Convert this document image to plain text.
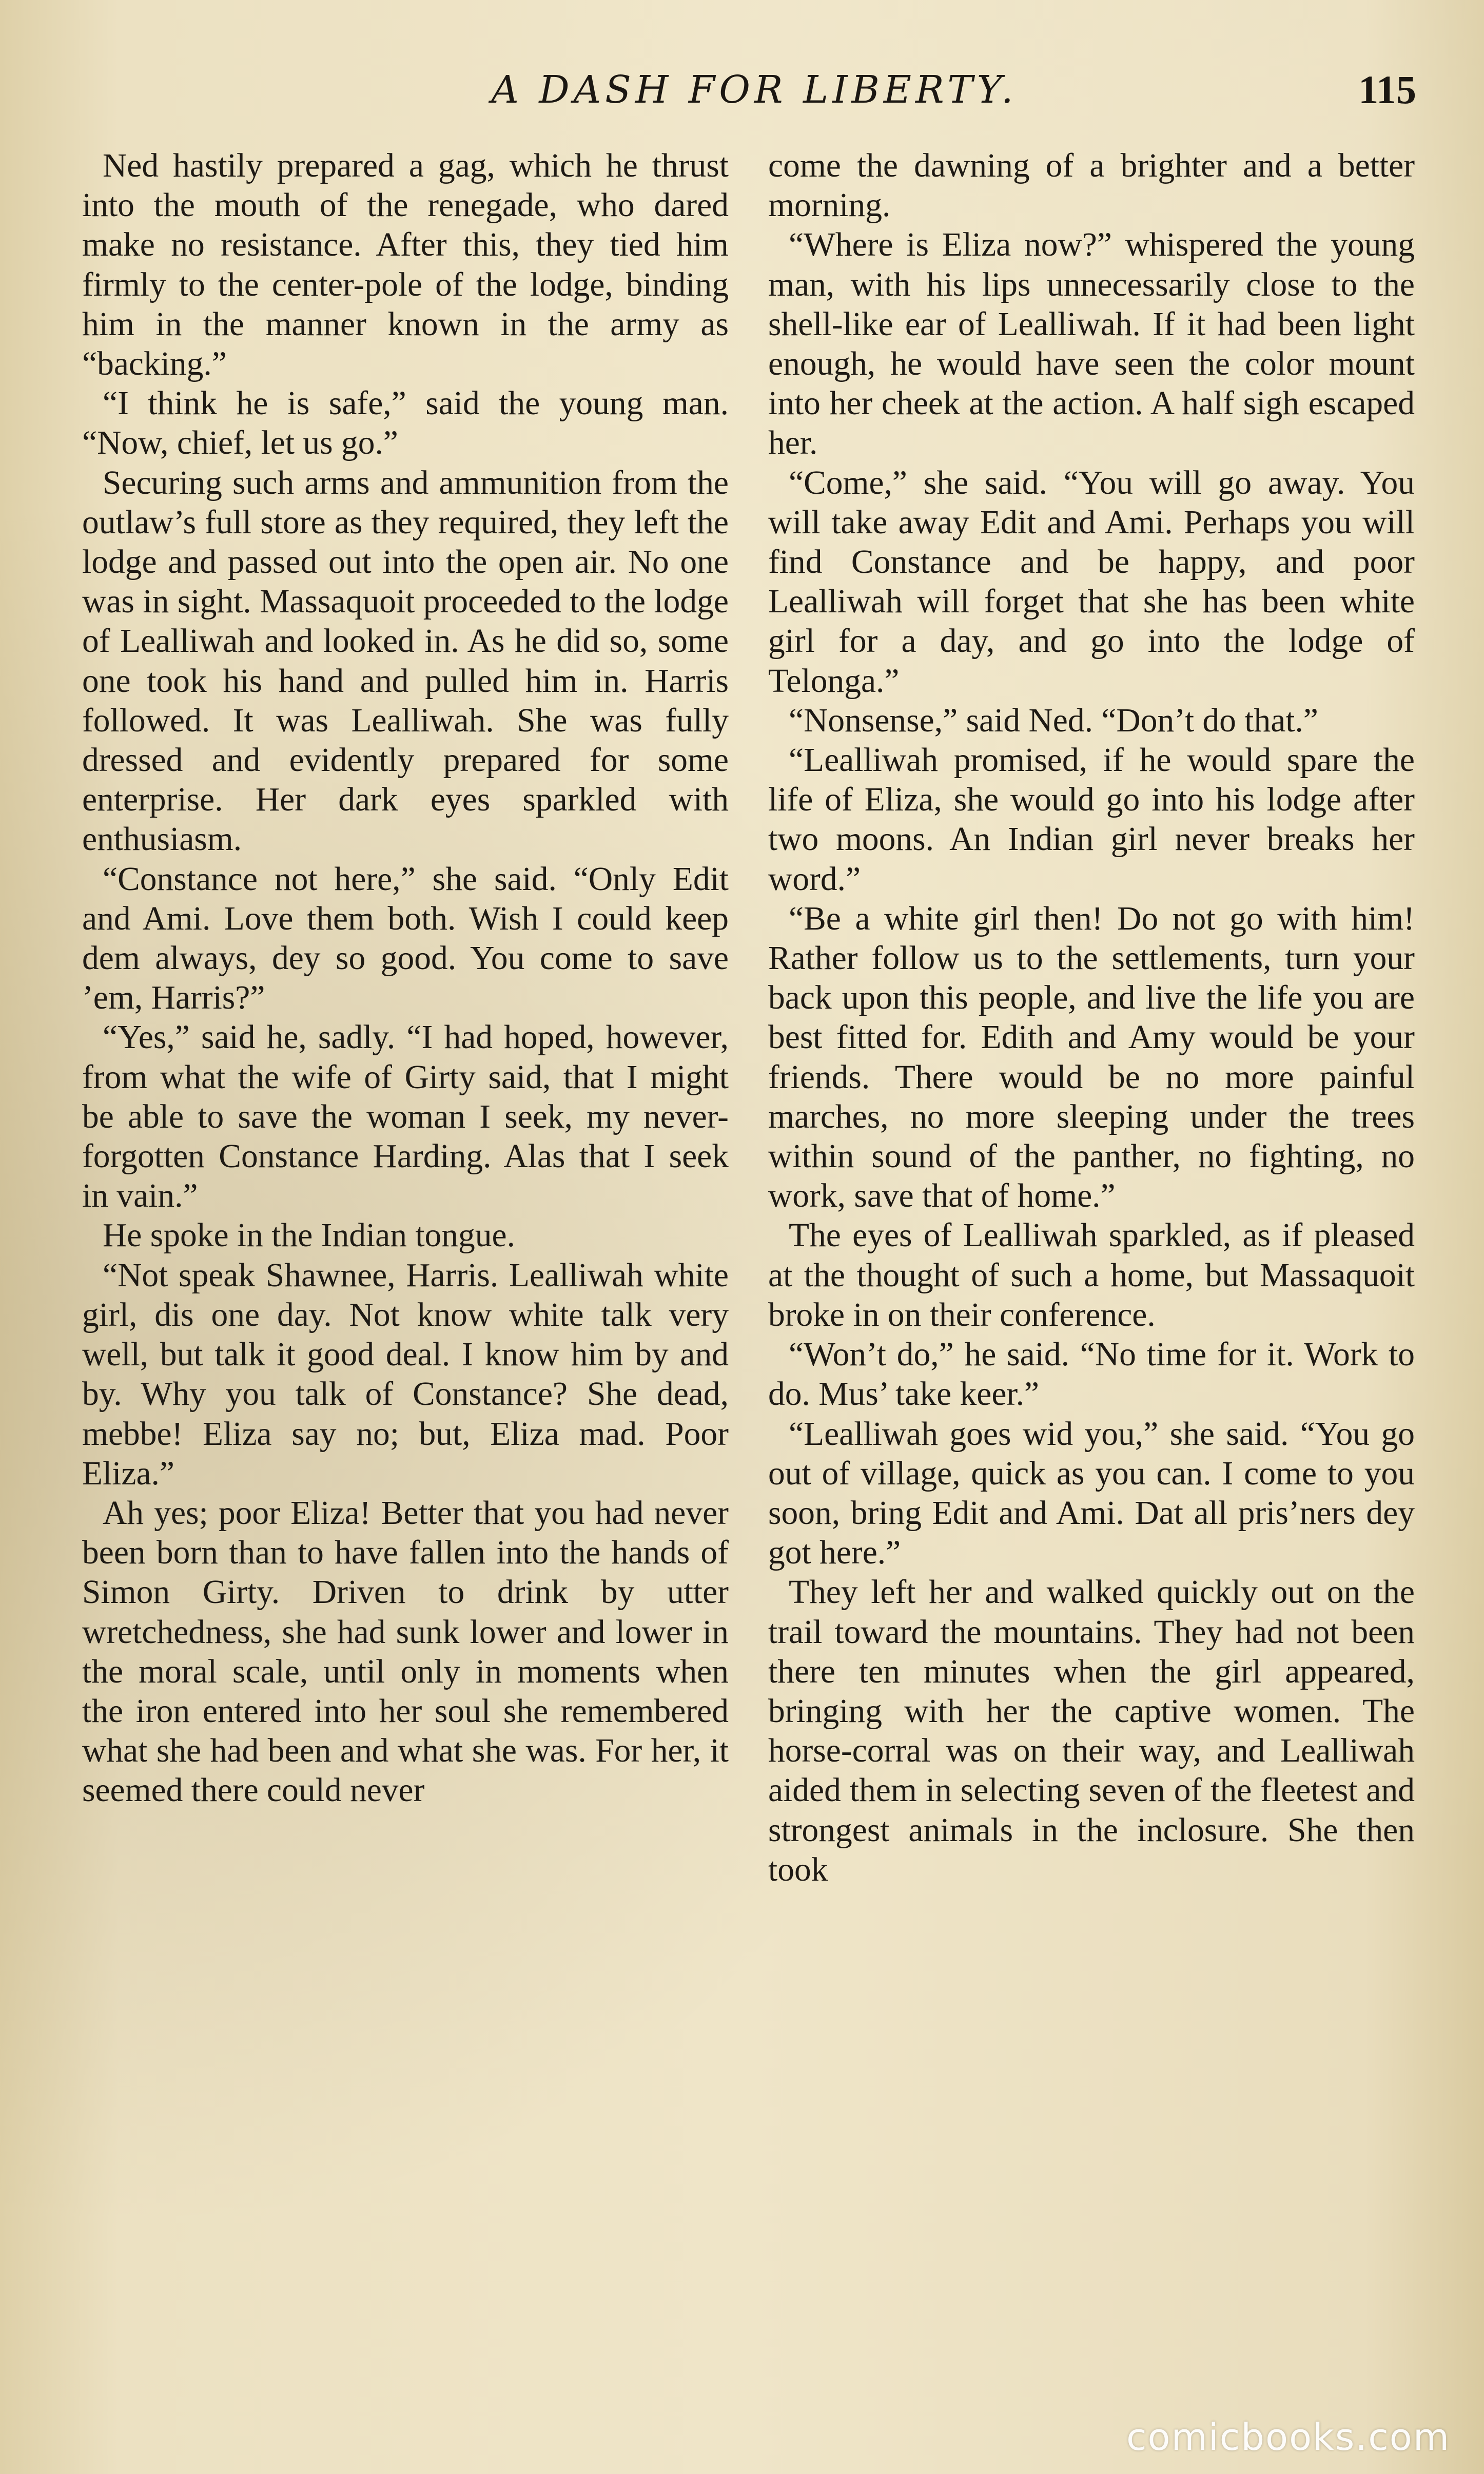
A DASH FOR LIBERTY.	115

Ned hastily prepared a gag, which he thrust into the mouth of the renegade, who dared make no resistance. After this, they tied him firmly to the center-pole of the lodge, binding him in the manner known in the army as “backing.”

“I think he is safe,” said the young man. “Now, chief, let us go.”

Securing such arms and ammunition from the outlaw’s full store as they required, they left the lodge and passed out into the open air. No one was in sight. Massaquoit proceeded to the lodge of Lealliwah and looked in. As he did so, some one took his hand and pulled him in. Harris followed. It was Lealliwah. She was fully dressed and evidently prepared for some enterprise. Her dark eyes sparkled with enthusiasm.

“Constance not here,” she said. “Only Edit and Ami. Love them both. Wish I could keep dem always, dey so good. You come to save ’em, Harris?”

“Yes,” said he, sadly. “I had hoped, however, from what the wife of Girty said, that I might be able to save the woman I seek, my never-forgotten Constance Harding. Alas that I seek in vain.”

He spoke in the Indian tongue.

“Not speak Shawnee, Harris. Lealliwah white girl, dis one day. Not know white talk very well, but talk it good deal. I know him by and by. Why you talk of Constance? She dead, mebbe! Eliza say no; but, Eliza mad. Poor Eliza.”

Ah yes; poor Eliza! Better that you had never been born than to have fallen into the hands of Simon Girty. Driven to drink by utter wretchedness, she had sunk lower and lower in the moral scale, until only in moments when the iron entered into her soul she remembered what she had been and what she was. For her, it seemed there could never

come the dawning of a brighter and a better morning.

“Where is Eliza now?” whispered the young man, with his lips unnecessarily close to the shell-like ear of Lealliwah. If it had been light enough, he would have seen the color mount into her cheek at the action. A half sigh escaped her.

“Come,” she said. “You will go away. You will take away Edit and Ami. Perhaps you will find Constance and be happy, and poor Lealliwah will forget that she has been white girl for a day, and go into the lodge of Telonga.”

“Nonsense,” said Ned. “Don’t do that.”

“Lealliwah promised, if he would spare the life of Eliza, she would go into his lodge after two moons. An Indian girl never breaks her word.”

“Be a white girl then! Do not go with him! Rather follow us to the settlements, turn your back upon this people, and live the life you are best fitted for. Edith and Amy would be your friends. There would be no more painful marches, no more sleeping under the trees within sound of the panther, no fighting, no work, save that of home.”

The eyes of Lealliwah sparkled, as if pleased at the thought of such a home, but Massaquoit broke in on their conference.

“Won’t do,” he said. “No time for it. Work to do. Mus’ take keer.”

“Lealliwah goes wid you,” she said. “You go out of village, quick as you can. I come to you soon, bring Edit and Ami. Dat all pris’ners dey got here.”

They left her and walked quickly out on the trail toward the mountains. They had not been there ten minutes when the girl appeared, bringing with her the captive women. The horse-corral was on their way, and Lealliwah aided them in selecting seven of the fleetest and strongest animals in the inclosure. She then took

comicbooks.com
